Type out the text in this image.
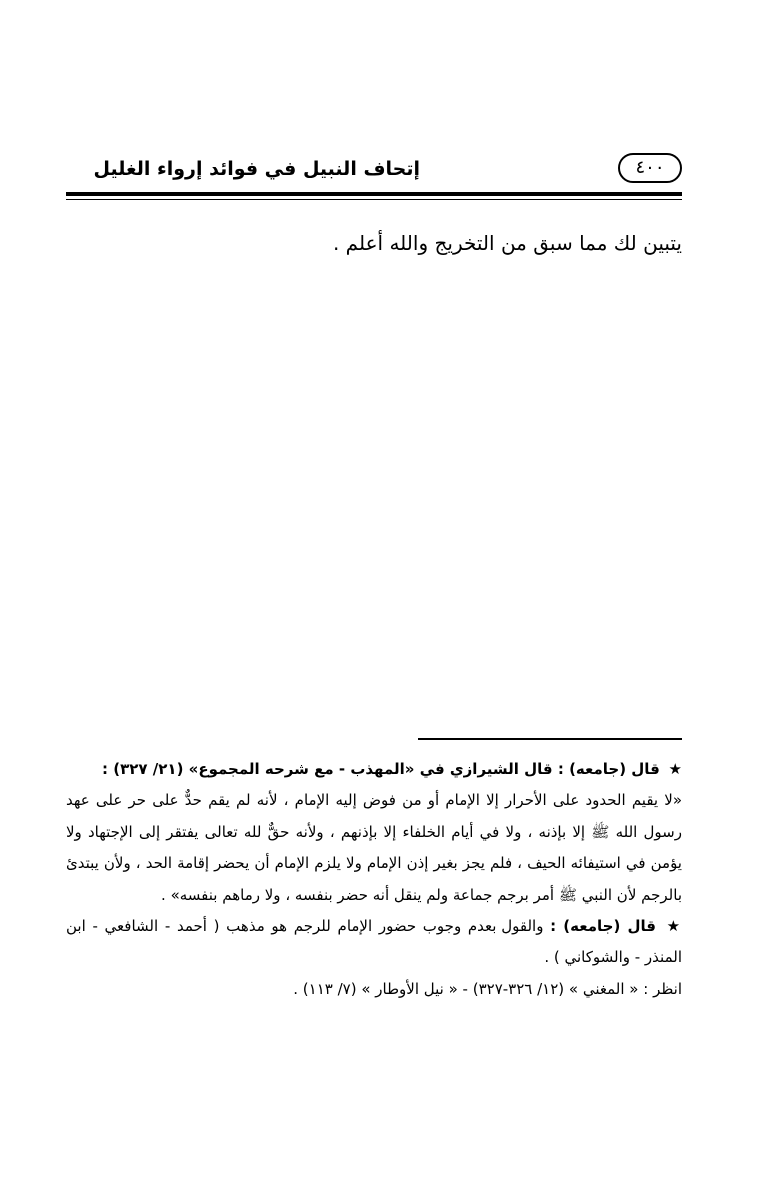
إتحاف النبيل في فوائد إرواء الغليل	٤٠٠
يتبين لك مما سبق من التخريج والله أعلم .

★ قال (جامعه) : قال الشيرازي في «المهذب - مع شرحه المجموع» (٢١/ ٣٢٧) :

«لا يقيم الحدود على الأحرار إلا الإمام أو من فوض إليه الإمام ، لأنه لم يقم حدٌّ على حر على عهد رسول الله ﷺ إلا بإذنه ، ولا في أيام الخلفاء إلا بإذنهم ، ولأنه حقٌّ لله تعالى يفتقر إلى الإجتهاد ولا يؤمن في استيفائه الحيف ، فلم يجز بغير إذن الإمام ولا يلزم الإمام أن يحضر إقامة الحد ، ولأن يبتدئ بالرجم لأن النبي ﷺ أمر برجم جماعة ولم ينقل أنه حضر بنفسه ، ولا رماهم بنفسه» .

★ قال (جامعه) : والقول بعدم وجوب حضور الإمام للرجم هو مذهب ( أحمد - الشافعي - ابن المنذر - والشوكاني ) .

انظر : « المغني » (١٢/ ٣٢٦-٣٢٧) - « نيل الأوطار » (٧/ ١١٣) .
